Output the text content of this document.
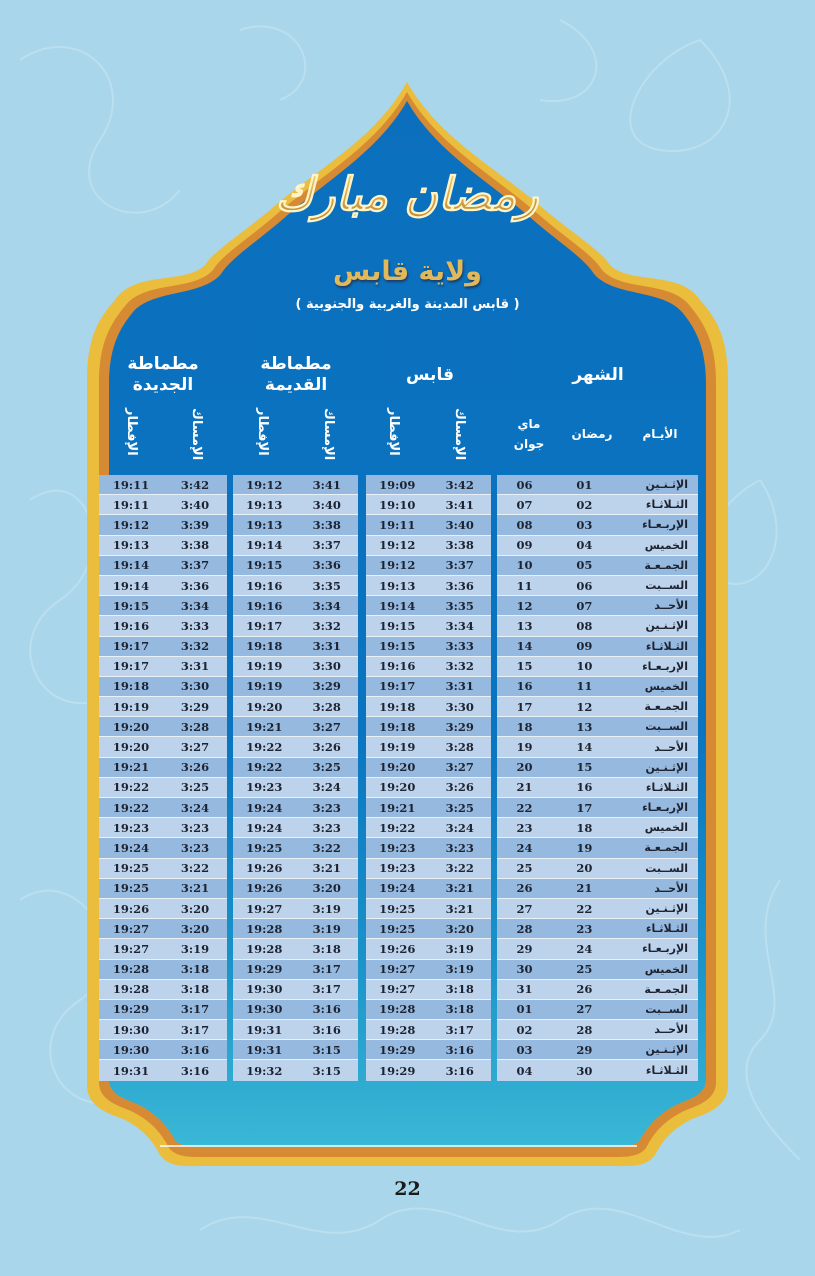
رمضان مبارك
ولاية قابس
( قابس المدينة والغربية والجنوبية )
الشهر
قابس
مطماطة
القديمة
مطماطة
الجديدة
الأيـام
رمضان
ماي
جوان
الإمساك
الإفطار
الإمساك
الإفطار
الإمساك
الإفطار
06	01	الإثـنـين
07	02	الثـلاثـاء
08	03	الإربـعـاء
09	04	الخميس
10	05	الجمـعـة
11	06	الســبت
12	07	الأحــد
13	08	الإثـنـين
14	09	الثـلاثـاء
15	10	الإربـعـاء
16	11	الخميس
17	12	الجمـعـة
18	13	الســبت
19	14	الأحــد
20	15	الإثـنـين
21	16	الثـلاثـاء
22	17	الإربـعـاء
23	18	الخميس
24	19	الجمـعـة
25	20	الســبت
26	21	الأحــد
27	22	الإثـنـين
28	23	الثـلاثـاء
29	24	الإربـعـاء
30	25	الخميس
31	26	الجمـعـة
01	27	الســبت
02	28	الأحــد
03	29	الإثـنـين
04	30	الثـلاثـاء
19:09	3:42
19:10	3:41
19:11	3:40
19:12	3:38
19:12	3:37
19:13	3:36
19:14	3:35
19:15	3:34
19:15	3:33
19:16	3:32
19:17	3:31
19:18	3:30
19:18	3:29
19:19	3:28
19:20	3:27
19:20	3:26
19:21	3:25
19:22	3:24
19:23	3:23
19:23	3:22
19:24	3:21
19:25	3:21
19:25	3:20
19:26	3:19
19:27	3:19
19:27	3:18
19:28	3:18
19:28	3:17
19:29	3:16
19:29	3:16
19:12	3:41
19:13	3:40
19:13	3:38
19:14	3:37
19:15	3:36
19:16	3:35
19:16	3:34
19:17	3:32
19:18	3:31
19:19	3:30
19:19	3:29
19:20	3:28
19:21	3:27
19:22	3:26
19:22	3:25
19:23	3:24
19:24	3:23
19:24	3:23
19:25	3:22
19:26	3:21
19:26	3:20
19:27	3:19
19:28	3:19
19:28	3:18
19:29	3:17
19:30	3:17
19:30	3:16
19:31	3:16
19:31	3:15
19:32	3:15
19:11	3:42
19:11	3:40
19:12	3:39
19:13	3:38
19:14	3:37
19:14	3:36
19:15	3:34
19:16	3:33
19:17	3:32
19:17	3:31
19:18	3:30
19:19	3:29
19:20	3:28
19:20	3:27
19:21	3:26
19:22	3:25
19:22	3:24
19:23	3:23
19:24	3:23
19:25	3:22
19:25	3:21
19:26	3:20
19:27	3:20
19:27	3:19
19:28	3:18
19:28	3:18
19:29	3:17
19:30	3:17
19:30	3:16
19:31	3:16
22
